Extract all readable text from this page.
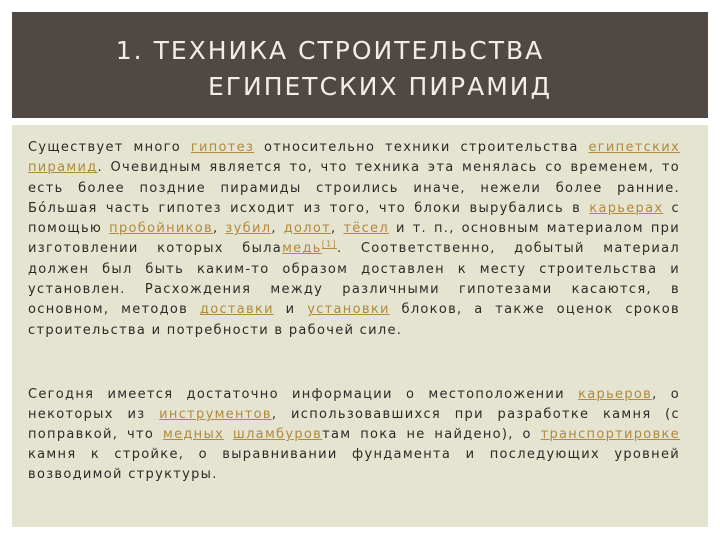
1. ТЕХНИКА СТРОИТЕЛЬСТВА
ЕГИПЕТСКИХ ПИРАМИД
Существует много гипотез относительно техники строительства египетских пирамид. Очевидным является то, что техника эта менялась со временем, то есть более поздние пирамиды строились иначе, нежели более ранние. Бо́льшая часть гипотез исходит из того, что блоки вырубались в карьерах с помощью пробойников, зубил, долот, тёсел и т. п., основным материалом при изготовлении которых быламедь[1]. Соответственно, добытый материал должен был быть каким-то образом доставлен к месту строительства и установлен. Расхождения между различными гипотезами касаются, в основном, методов доставки и установки блоков, а также оценок сроков строительства и потребности в рабочей силе.
Сегодня имеется достаточно информации о местоположении карьеров, о некоторых из инструментов, использовавшихся при разработке камня (с поправкой, что медных шламбуровтам пока не найдено), о транспортировке камня к стройке, о выравнивании фундамента и последующих уровней возводимой структуры.
